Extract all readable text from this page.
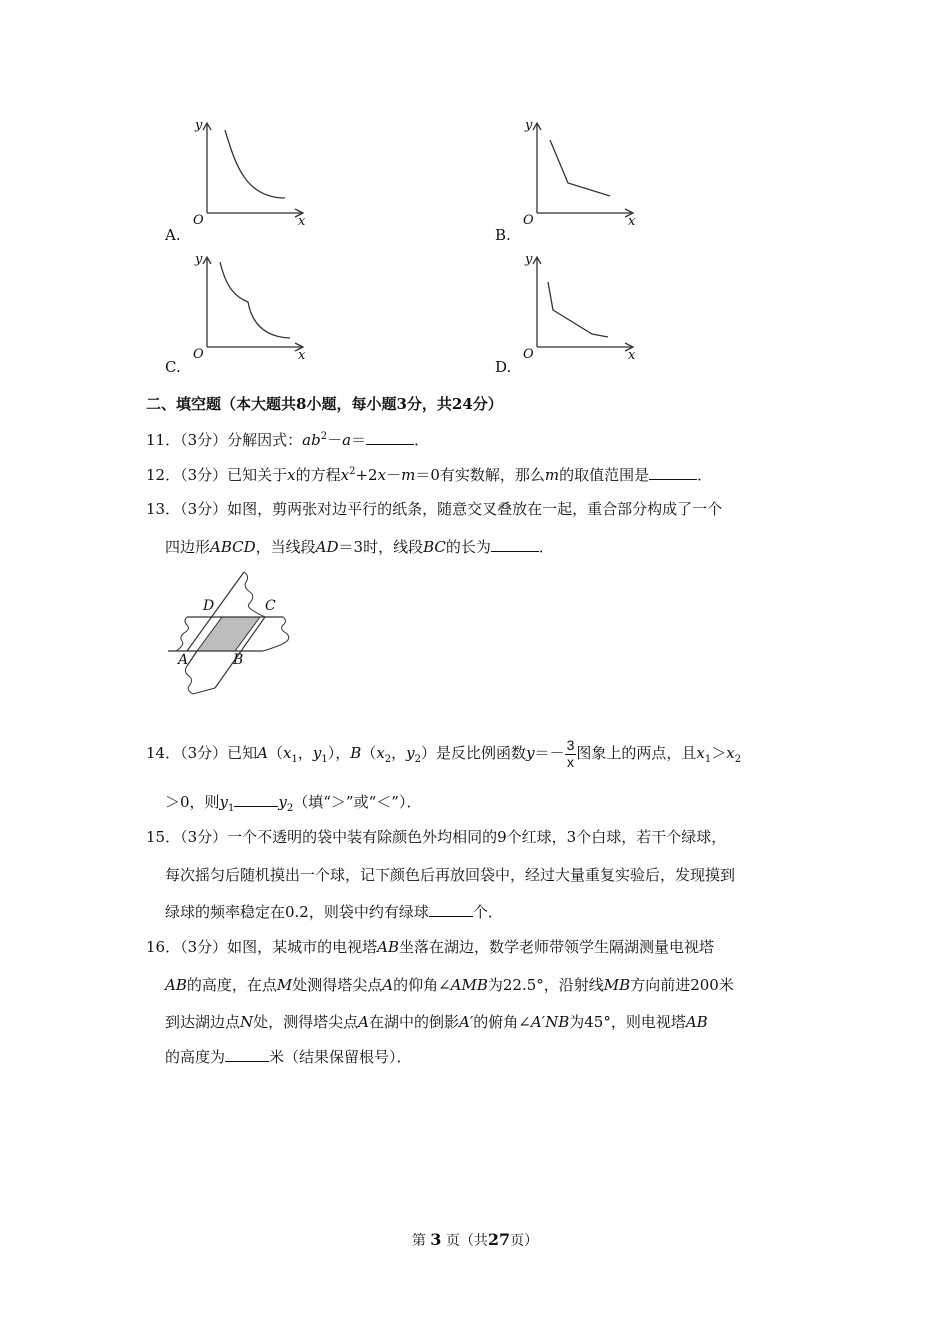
y
O	x
A.
y
O	x
B.
y
O	x
C.
y
O	x
D.
二、填空题（本大题共8小题，每小题3分，共24分）
11．（3分）分解因式：$ab^2-a=$	．
12．（3分）已知关于x的方程$x^2+2x-m=0$有实数解，那么m的取值范围是	．
13．（3分）如图，剪两张对边平行的纸条，随意交叉叠放在一起，重合部分构成了一个
四边形ABCD，当线段AD＝3时，线段BC的长为	．
D	C
A	B
14．（3分）已知$A(x_1$，$y_1$），$B(x_2$，$y_2$）是反比例函数$y=- \frac{3}{x}$ 图象上的两点，且$x_1>x_2$
＞0，则$y_1$	$y_2$（填“＞”或“＜”）．
15．（3分）一个不透明的袋中装有除颜色外均相同的9个红球，3个白球，若干个绿球，
每次摇匀后随机摸出一个球，记下颜色后再放回袋中，经过大量重复实验后，发现摸到
绿球的频率稳定在0.2，则袋中约有绿球	个．
16．（3分）如图，某城市的电视塔AB坐落在湖边，数学老师带领学生隔湖测量电视塔
AB的高度，在点M处测得塔尖点A的仰角∠AMB为22.5°，沿射线MB方向前进200米
到达湖边点N处，测得塔尖点A在湖中的倒影A′的俯角∠A′NB为45°，则电视塔AB
的高度为	米（结果保留根号）．
第 3 页（共27页）
